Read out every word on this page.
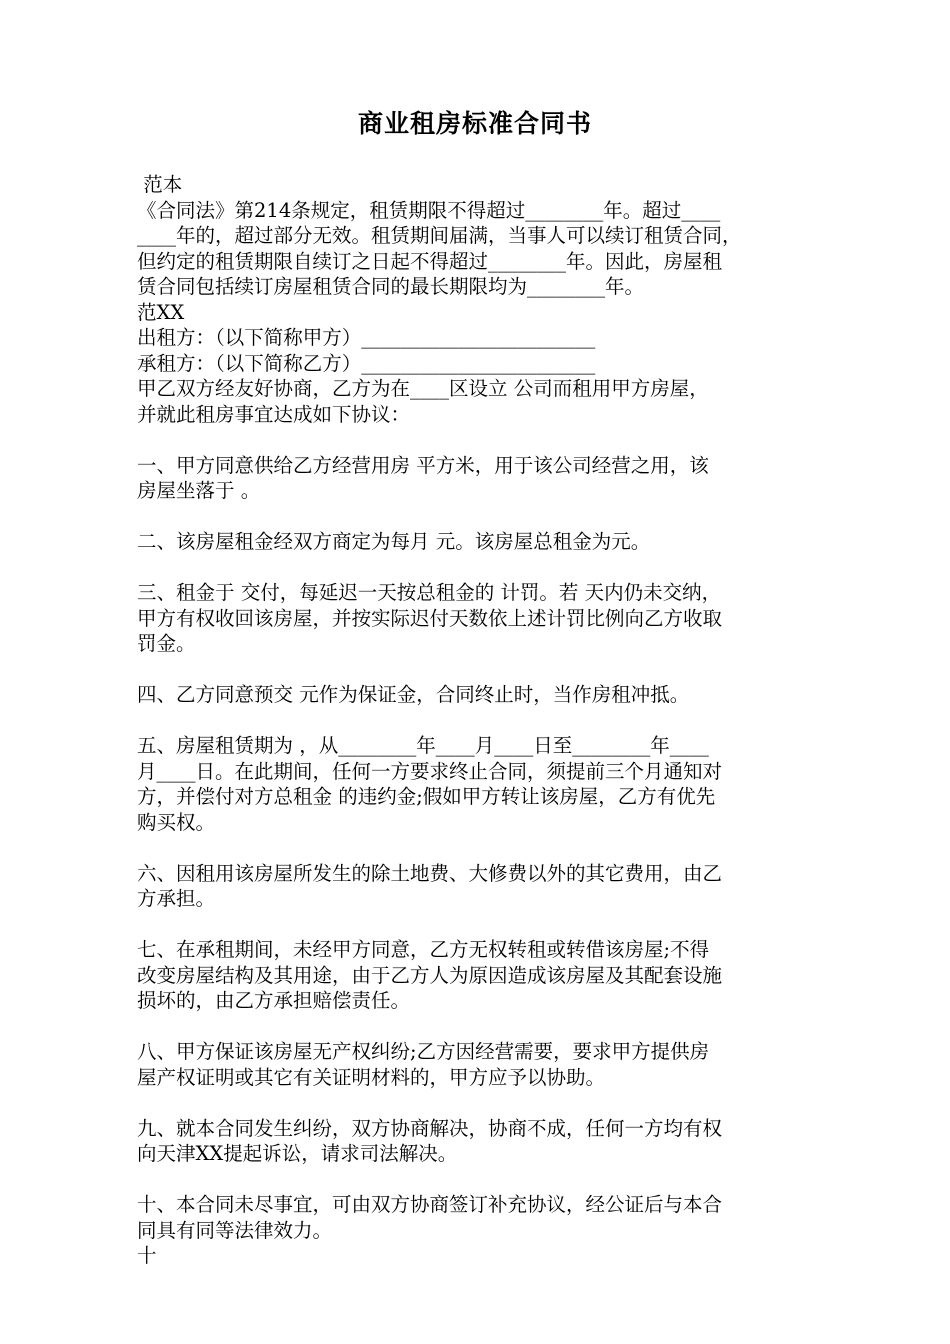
商业租房标准合同书
范本
《合同法》第214条规定，租赁期限不得超过________年。超过____
____年的，超过部分无效。租赁期间届满，当事人可以续订租赁合同，
但约定的租赁期限自续订之日起不得超过________年。因此，房屋租
赁合同包括续订房屋租赁合同的最长期限均为________年。
范XX
出租方：（以下简称甲方）________________________
承租方：（以下简称乙方）________________________
甲乙双方经友好协商，乙方为在____区设立 公司而租用甲方房屋，
并就此租房事宜达成如下协议：
一、甲方同意供给乙方经营用房 平方米，用于该公司经营之用，该
房屋坐落于 。
二、该房屋租金经双方商定为每月 元。该房屋总租金为元。
三、租金于 交付，每延迟一天按总租金的 计罚。若 天内仍未交纳，
甲方有权收回该房屋，并按实际迟付天数依上述计罚比例向乙方收取
罚金。
四、乙方同意预交 元作为保证金，合同终止时，当作房租冲抵。
五、房屋租赁期为 ，从________年____月____日至________年____
月____日。在此期间，任何一方要求终止合同，须提前三个月通知对
方，并偿付对方总租金 的违约金;假如甲方转让该房屋，乙方有优先
购买权。
六、因租用该房屋所发生的除土地费、大修费以外的其它费用，由乙
方承担。
七、在承租期间，未经甲方同意，乙方无权转租或转借该房屋;不得
改变房屋结构及其用途，由于乙方人为原因造成该房屋及其配套设施
损坏的，由乙方承担赔偿责任。
八、甲方保证该房屋无产权纠纷;乙方因经营需要，要求甲方提供房
屋产权证明或其它有关证明材料的，甲方应予以协助。
九、就本合同发生纠纷，双方协商解决，协商不成，任何一方均有权
向天津XX提起诉讼，请求司法解决。
十、本合同未尽事宜，可由双方协商签订补充协议，经公证后与本合
同具有同等法律效力。
十
